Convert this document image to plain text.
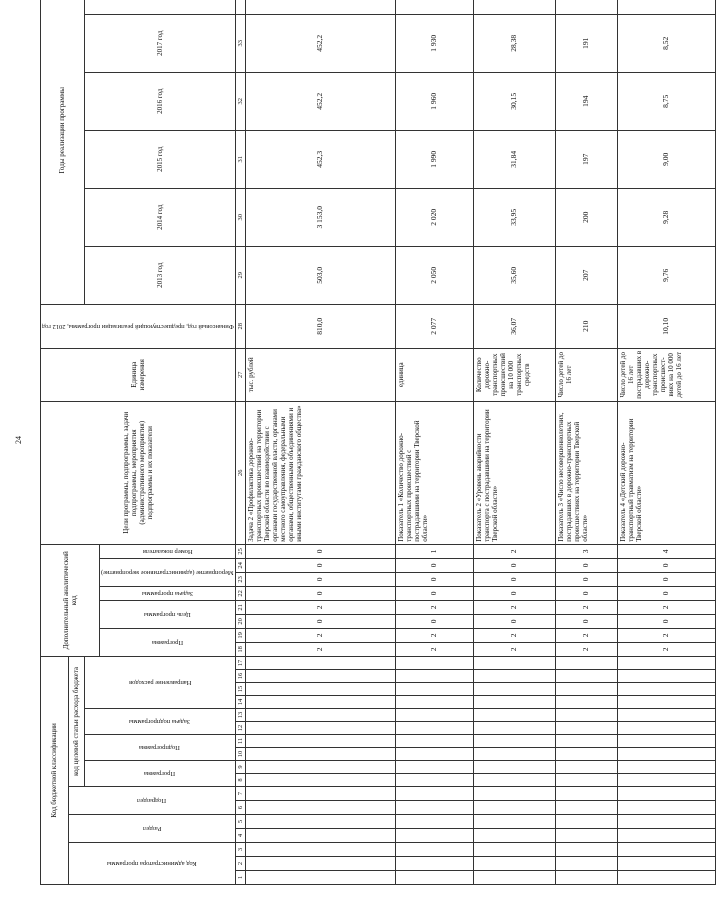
24
Код бюджетной классификации																	Дополнительный аналитический код								Цели программы, подпрограммы, задачи подпрограммы, мероприятия (административного мероприятия) подпрограммы и их показатели	Единица измерения	Финансовый год, предшествующий реализации программы, 2012 год	Годы реализации программы	

Код администратора программы			Раздел		Подраздел		код целевой статьи расхода бюджета																												

							Программа		Подпрограмма		Задача подпрограммы		Направление расходов															2013 год	2014 год	2015 год	2016 год	2017 год		

																	Программа		Цель программы		Задача программы	Мероприятие (административное мероприятие)		Номер показателя											

1	2	3	4	5	6	7	8	9	10	11	12	13	14	15	16	17	18	19	20	21	22	23	24	25	26	27	28	29	30	31	32	33			
																	2	2	0	2	0	0	0	0	Задача 2 «Профилактика дорожно-транспортных происшествий на территории Тверской области во взаимодействии с органами государственной власти, органами местного самоуправления, федеральными органами, общественными объединениями и иными институтами гражданского общества»	тыс. рублей	810,0	503,0	3 153,0	452,3	452,2	452,2		
																	2	2	0	2	0	0	0	1	Показатель 1 «Количество дорожно-транспортных происшествий с пострадавшими на территории Тверской области»	единица	2 077	2 050	2 020	1 990	1 960	1 930		
																	2	2	0	2	0	0	0	2	Показатель 2 «Уровень аварийности транспорта с пострадавшими на территории Тверской области»	Количество дорожно-транспортных происшествий на 10 000 транспортных средств	36,07	35,60	33,95	31,84	30,15	28,38		
																	2	2	0	2	0	0	0	3	Показатель 3 «Число несовершеннолетних, пострадавших в дорожно-транспортных происшествиях на территории Тверской области»	Число детей до 16 лет	210	207	200	197	194	191		
																	2	2	0	2	0	0	0	4	Показатель 4 «Детский дорожно-транспортный травматизм на территории Тверской области»	Число детей до 16 лет пострадавших в дорожно-транспортных происшест-виях на 10 000 детей до 16 лет	10,10	9,76	9,28	9,00	8,75	8,52		
